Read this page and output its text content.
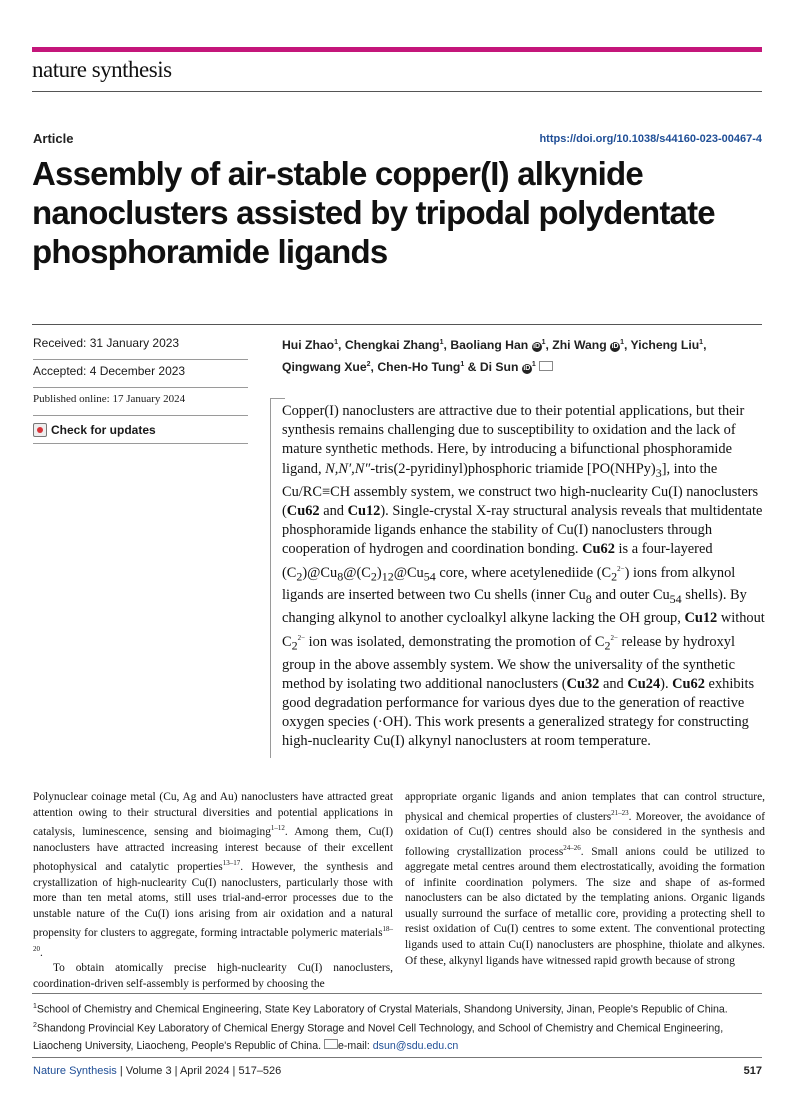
nature synthesis
Article	https://doi.org/10.1038/s44160-023-00467-4
Assembly of air-stable copper(I) alkynide nanoclusters assisted by tripodal polydentate phosphoramide ligands
Received: 31 January 2023
Accepted: 4 December 2023
Published online: 17 January 2024
Check for updates
Hui Zhao$^1$, Chengkai Zhang$^1$, Baoliang Han $iD^1$, Zhi Wang $iD^1$, Yicheng Liu$^1$,
Qingwang Xue$^2$, Chen-Ho Tung$^1$ & Di Sun $iD^1$
Copper(I) nanoclusters are attractive due to their potential applications, but their synthesis remains challenging due to susceptibility to oxidation and the lack of mature synthetic methods. Here, by introducing a bifunctional phosphoramide ligand, N,N′,N″-tris(2-pyridinyl)phosphoric triamide $[PO(NHPy)_3]$, into the Cu/RC≡CH assembly system, we construct two high-nuclearity Cu(I) nanoclusters (Cu62 and Cu12). Single-crystal X-ray structural analysis reveals that multidentate phosphoramide ligands enhance the stability of Cu(I) nanoclusters through cooperation of hydrogen and coordination bonding. Cu62 is a four-layered $(C_2)@Cu_8@(C_2)_{12}@Cu_{54}$ core, where acetylenediide $(C_2^{2-})$ ions from alkynol ligands are inserted between two Cu shells (inner $Cu_8$ and outer $Cu_{54}$ shells). By changing alkynol to another cycloalkyl alkyne lacking the OH group, Cu12 without $C_2^{2-}$ ion was isolated, demonstrating the promotion of $C_2^{2-}$ release by hydroxyl group in the above assembly system. We show the universality of the synthetic method by isolating two additional nanoclusters (Cu32 and Cu24). Cu62 exhibits good degradation performance for various dyes due to the generation of reactive oxygen species (·OH). This work presents a generalized strategy for constructing high-nuclearity Cu(I) alkynyl nanoclusters at room temperature.

Polynuclear coinage metal (Cu, Ag and Au) nanoclusters have attracted great attention owing to their structural diversities and potential applications in catalysis, luminescence, sensing and bioimaging$^{1-12}$. Among them, Cu(I) nanoclusters have attracted increasing interest because of their excellent photophysical and catalytic properties$^{13-17}$. However, the synthesis and crystallization of high-nuclearity Cu(I) nanoclusters, particularly those with more than ten metal atoms, still uses trial-and-error processes due to the unstable nature of the Cu(I) ions arising from air oxidation and a natural propensity for clusters to aggregate, forming intractable polymeric materials$^{18-20}$.

To obtain atomically precise high-nuclearity Cu(I) nanoclusters, coordination-driven self-assembly is performed by choosing the

appropriate organic ligands and anion templates that can control structure, physical and chemical properties of clusters$^{21-23}$. Moreover, the avoidance of oxidation of Cu(I) centres should also be considered in the synthesis and following crystallization process$^{24-26}$. Small anions could be utilized to aggregate metal centres around them electrostatically, avoiding the formation of infinite coordination polymers. The size and shape of as-formed nanoclusters can be also dictated by the templating anions. Organic ligands usually surround the surface of metallic core, providing a protecting shell to resist oxidation of Cu(I) centres to some extent. The conventional protecting ligands used to attain Cu(I) nanoclusters are phosphine, thiolate and alkynes. Of these, alkynyl ligands have witnessed rapid growth because of strong

$^1$School of Chemistry and Chemical Engineering, State Key Laboratory of Crystal Materials, Shandong University, Jinan, People's Republic of China.
$^2$Shandong Provincial Key Laboratory of Chemical Energy Storage and Novel Cell Technology, and School of Chemistry and Chemical Engineering, Liaocheng University, Liaocheng, People's Republic of China. e-mail: dsun@sdu.edu.cn
Nature Synthesis | Volume 3 | April 2024 | 517–526	517
